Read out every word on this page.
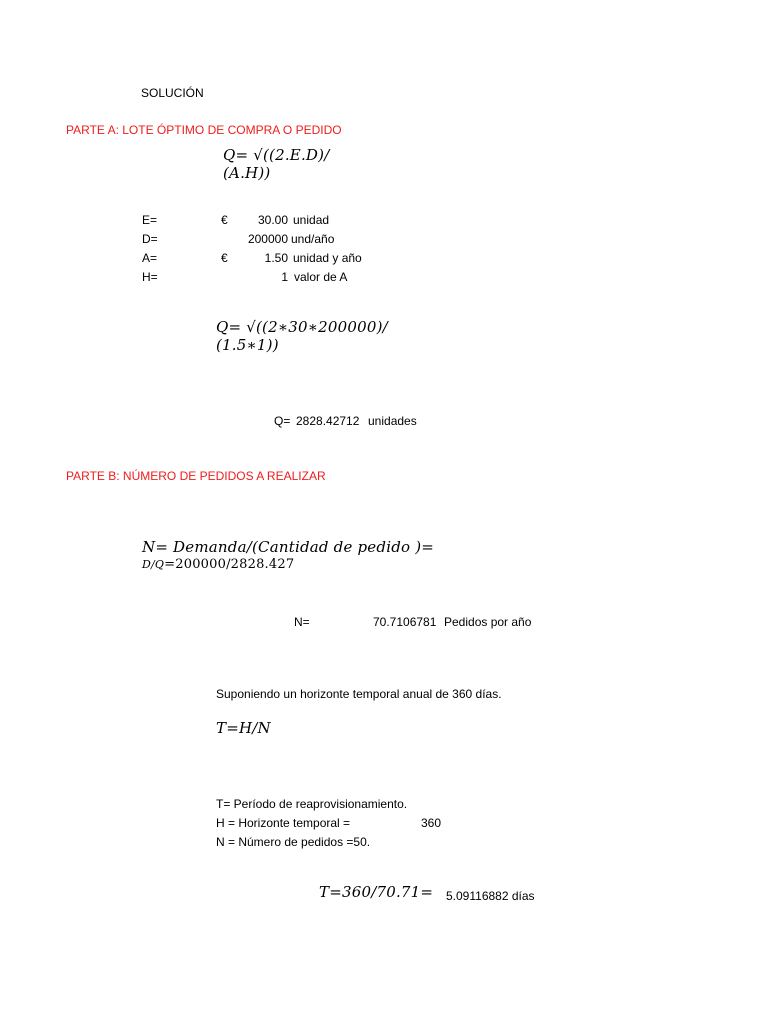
SOLUCIÓN
PARTE A: LOTE ÓPTIMO DE COMPRA O PEDIDO
Q= √((2.E.D)/
(A.H))
E=	€	30.00 unidad
D=	200000 und/año
A=	€	1.50 unidad y año
H=	1 valor de A
Q= √((2∗30∗200000)/
(1.5∗1))
Q= 2828.42712 unidades
PARTE B: NÚMERO DE PEDIDOS A REALIZAR
N= Demanda/(Cantidad de pedido )=
D/Q=200000/2828.427
N=	70.7106781 Pedidos por año
Suponiendo un horizonte temporal anual de 360 días.
T=H/N
T= Período de reaprovisionamiento.
H = Horizonte temporal =	360
N = Número de pedidos =50.
T=360/70.71= 5.09116882 días
